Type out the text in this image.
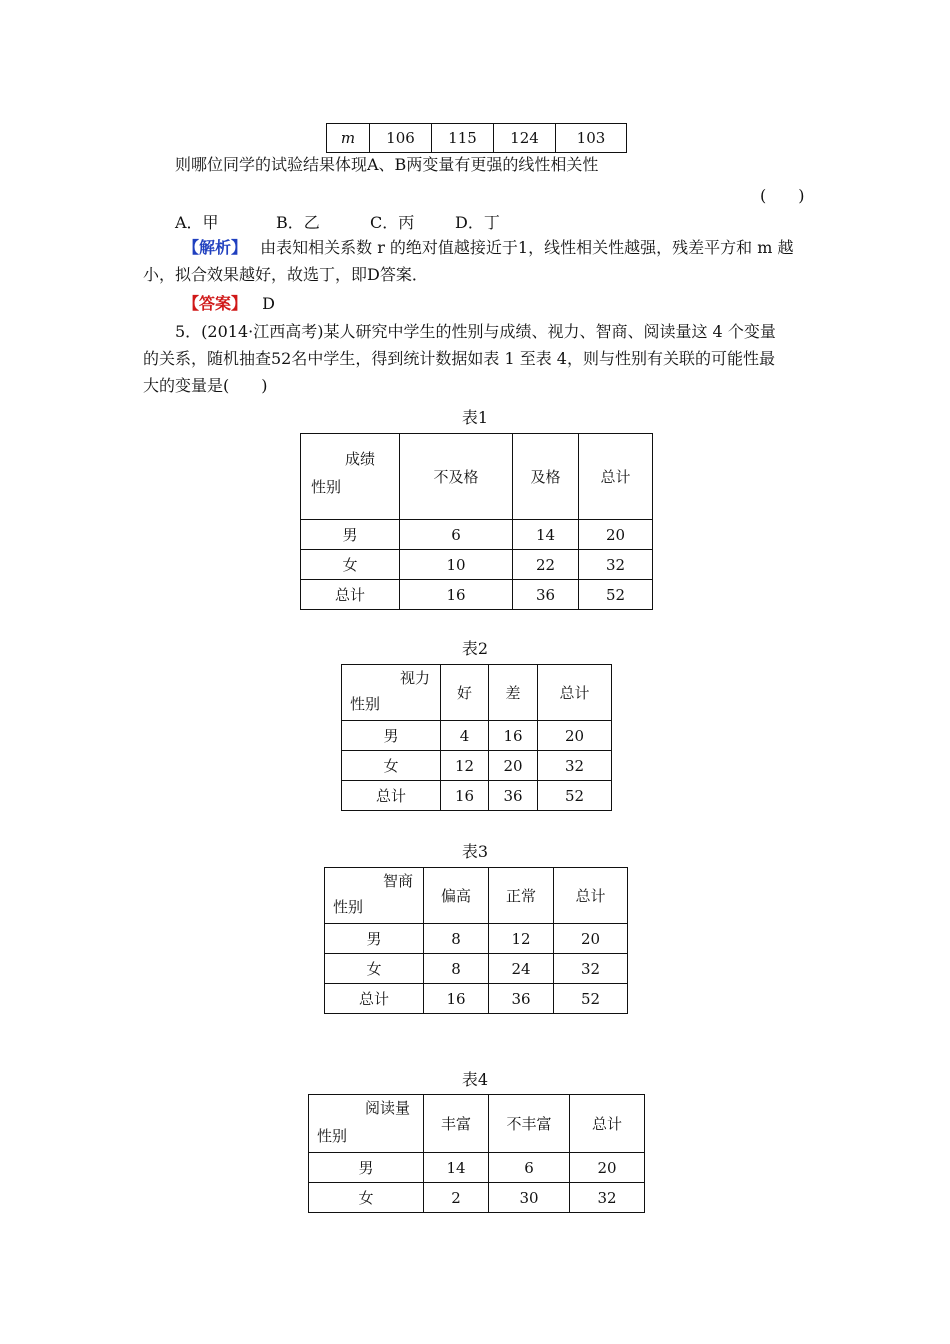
m	106	115	124	103
则哪位同学的试验结果体现A、B两变量有更强的线性相关性
(　　)
A．甲	B．乙	C．丙	D．丁
【解析】 由表知相关系数 r 的绝对值越接近于1，线性相关性越强，残差平方和 m 越
小，拟合效果越好，故选丁，即D答案．
【答案】 D
5．(2014·江西高考)某人研究中学生的性别与成绩、视力、智商、阅读量这 4 个变量
的关系，随机抽查52名中学生，得到统计数据如表 1 至表 4，则与性别有关联的可能性最
大的变量是(　　)
表1
成绩
性别	不及格	及格	总计
男	6	14	20
女	10	22	32
总计	16	36	52
表2
视力
性别	好	差	总计
男	4	16	20
女	12	20	32
总计	16	36	52
表3
智商
性别	偏高	正常	总计
男	8	12	20
女	8	24	32
总计	16	36	52
表4
阅读量
性别	丰富	不丰富	总计
男	14	6	20
女	2	30	32
